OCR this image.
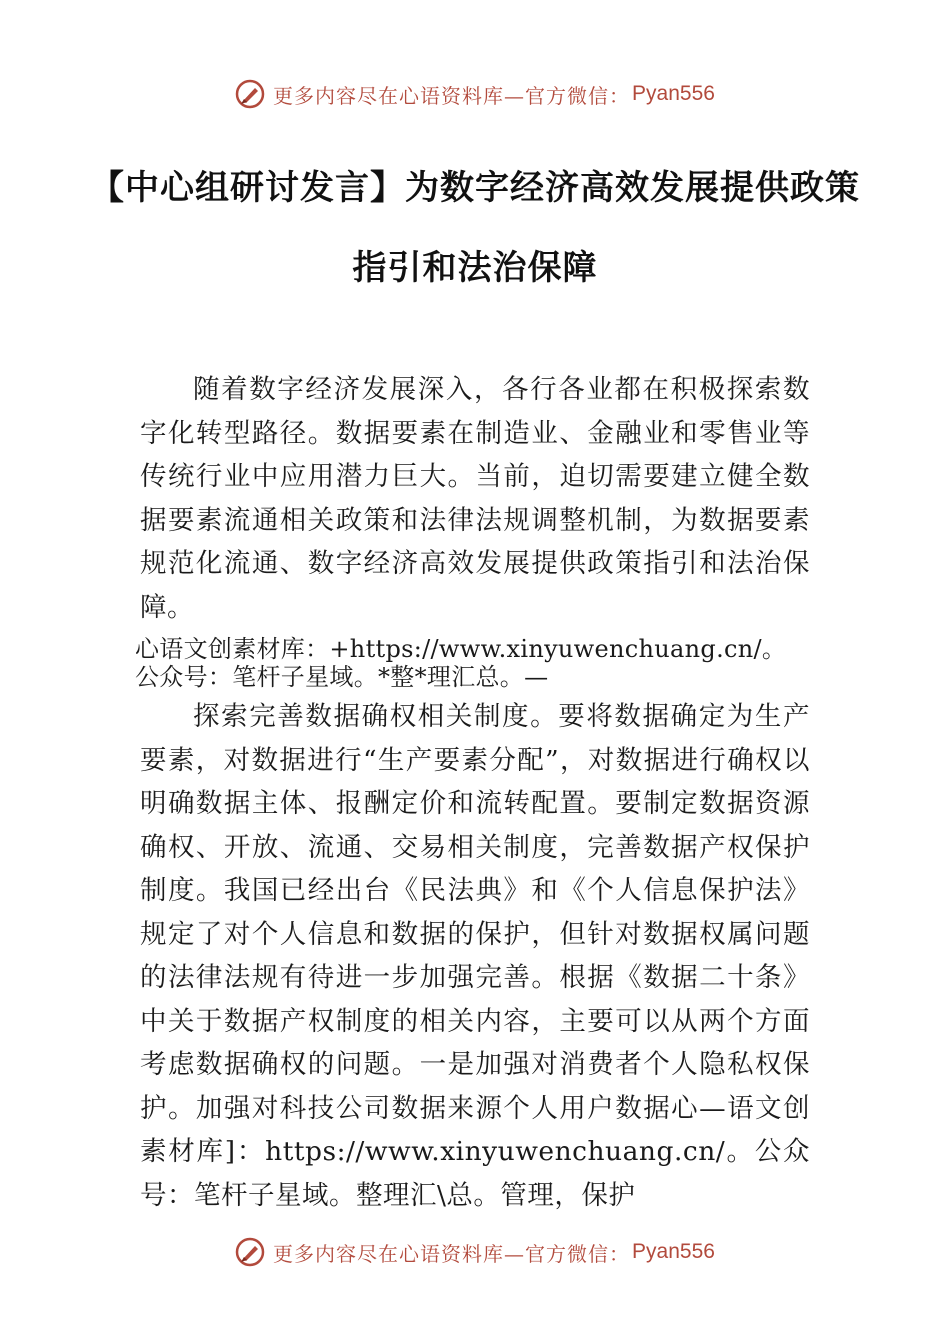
更多内容尽在心语资料库—官方微信： Pyan556
【中心组研讨发言】为数字经济高效发展提供政策指引和法治保障

随着数字经济发展深入，各行各业都在积极探索数字化转型路径。数据要素在制造业、金融业和零售业等传统行业中应用潜力巨大。当前，迫切需要建立健全数据要素流通相关政策和法律法规调整机制，为数据要素规范化流通、数字经济高效发展提供政策指引和法治保障。

心语文创素材库：+https://www.xinyuwenchuang.cn/。公众号：笔杆子星域。*整*理汇总。—

探索完善数据确权相关制度。要将数据确定为生产要素，对数据进行“生产要素分配”，对数据进行确权以明确数据主体、报酬定价和流转配置。要制定数据资源确权、开放、流通、交易相关制度，完善数据产权保护制度。我国已经出台《民法典》和《个人信息保护法》规定了对个人信息和数据的保护，但针对数据权属问题的法律法规有待进一步加强完善。根据《数据二十条》中关于数据产权制度的相关内容，主要可以从两个方面考虑数据确权的问题。一是加强对消费者个人隐私权保护。加强对科技公司数据来源个人用户数据心—语文创素材库]：https://www.xinyuwenchuang.cn/。公众号：笔杆子星域。整理汇\总。管理，保护

更多内容尽在心语资料库—官方微信： Pyan556
